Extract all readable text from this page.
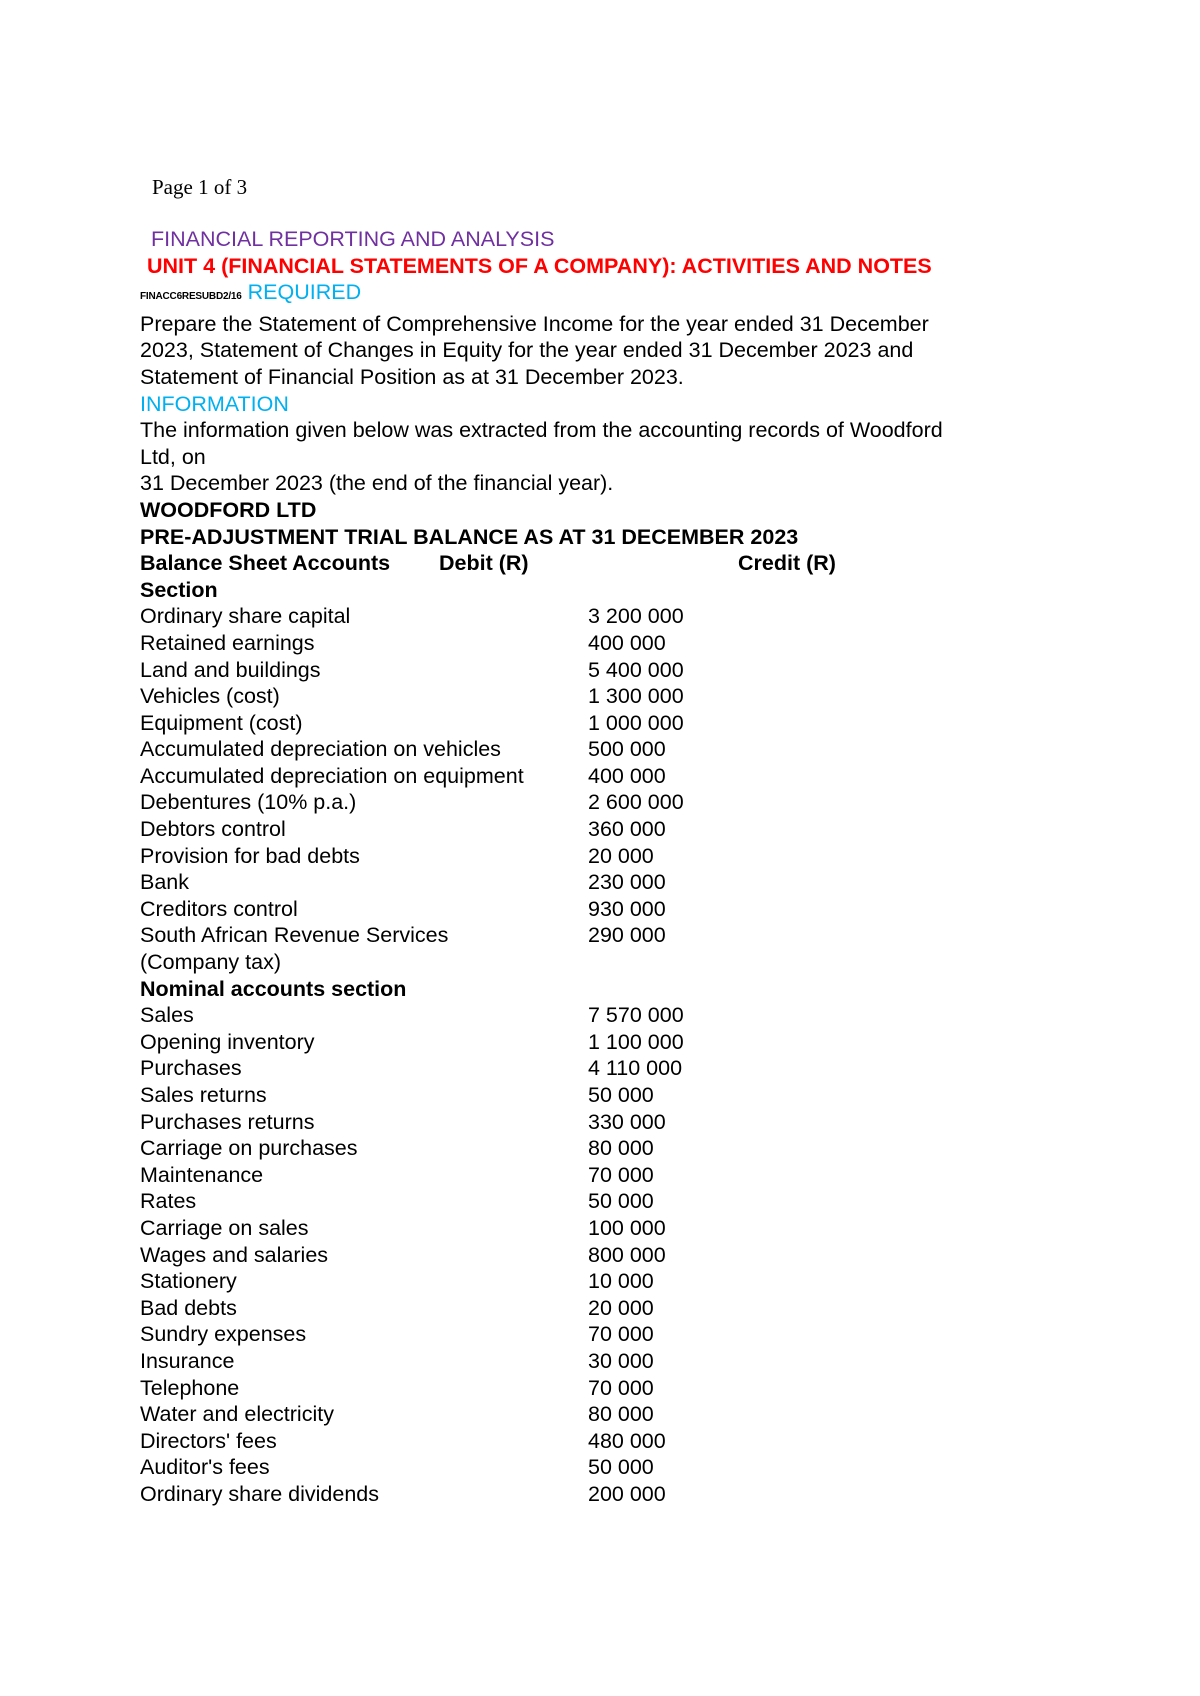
Page 1 of 3
FINANCIAL REPORTING AND ANALYSIS
UNIT 4 (FINANCIAL STATEMENTS OF A COMPANY): ACTIVITIES AND NOTES
FINACC6RESUBD2/16 REQUIRED

Prepare the Statement of Comprehensive Income for the year ended 31 December 2023, Statement of Changes in Equity for the year ended 31 December 2023 and Statement of Financial Position as at 31 December 2023.

INFORMATION

The information given below was extracted from the accounting records of Woodford Ltd, on

31 December 2023 (the end of the financial year).

WOODFORD LTD
PRE-ADJUSTMENT TRIAL BALANCE AS AT 31 DECEMBER 2023
Balance Sheet Accounts	Debit (R)	Credit (R)
Section
Ordinary share capital	3 200 000
Retained earnings	400 000
Land and buildings	5 400 000
Vehicles (cost)	1 300 000
Equipment (cost)	1 000 000
Accumulated depreciation on vehicles	500 000
Accumulated depreciation on equipment	400 000
Debentures (10% p.a.)	2 600 000
Debtors control	360 000
Provision for bad debts	20 000
Bank	230 000
Creditors control	930 000
South African Revenue Services	290 000
(Company tax)
Nominal accounts section
Sales	7 570 000
Opening inventory	1 100 000
Purchases	4 110 000
Sales returns	50 000
Purchases returns	330 000
Carriage on purchases	80 000
Maintenance	70 000
Rates	50 000
Carriage on sales	100 000
Wages and salaries	800 000
Stationery	10 000
Bad debts	20 000
Sundry expenses	70 000
Insurance	30 000
Telephone	70 000
Water and electricity	80 000
Directors' fees	480 000
Auditor's fees	50 000
Ordinary share dividends	200 000
